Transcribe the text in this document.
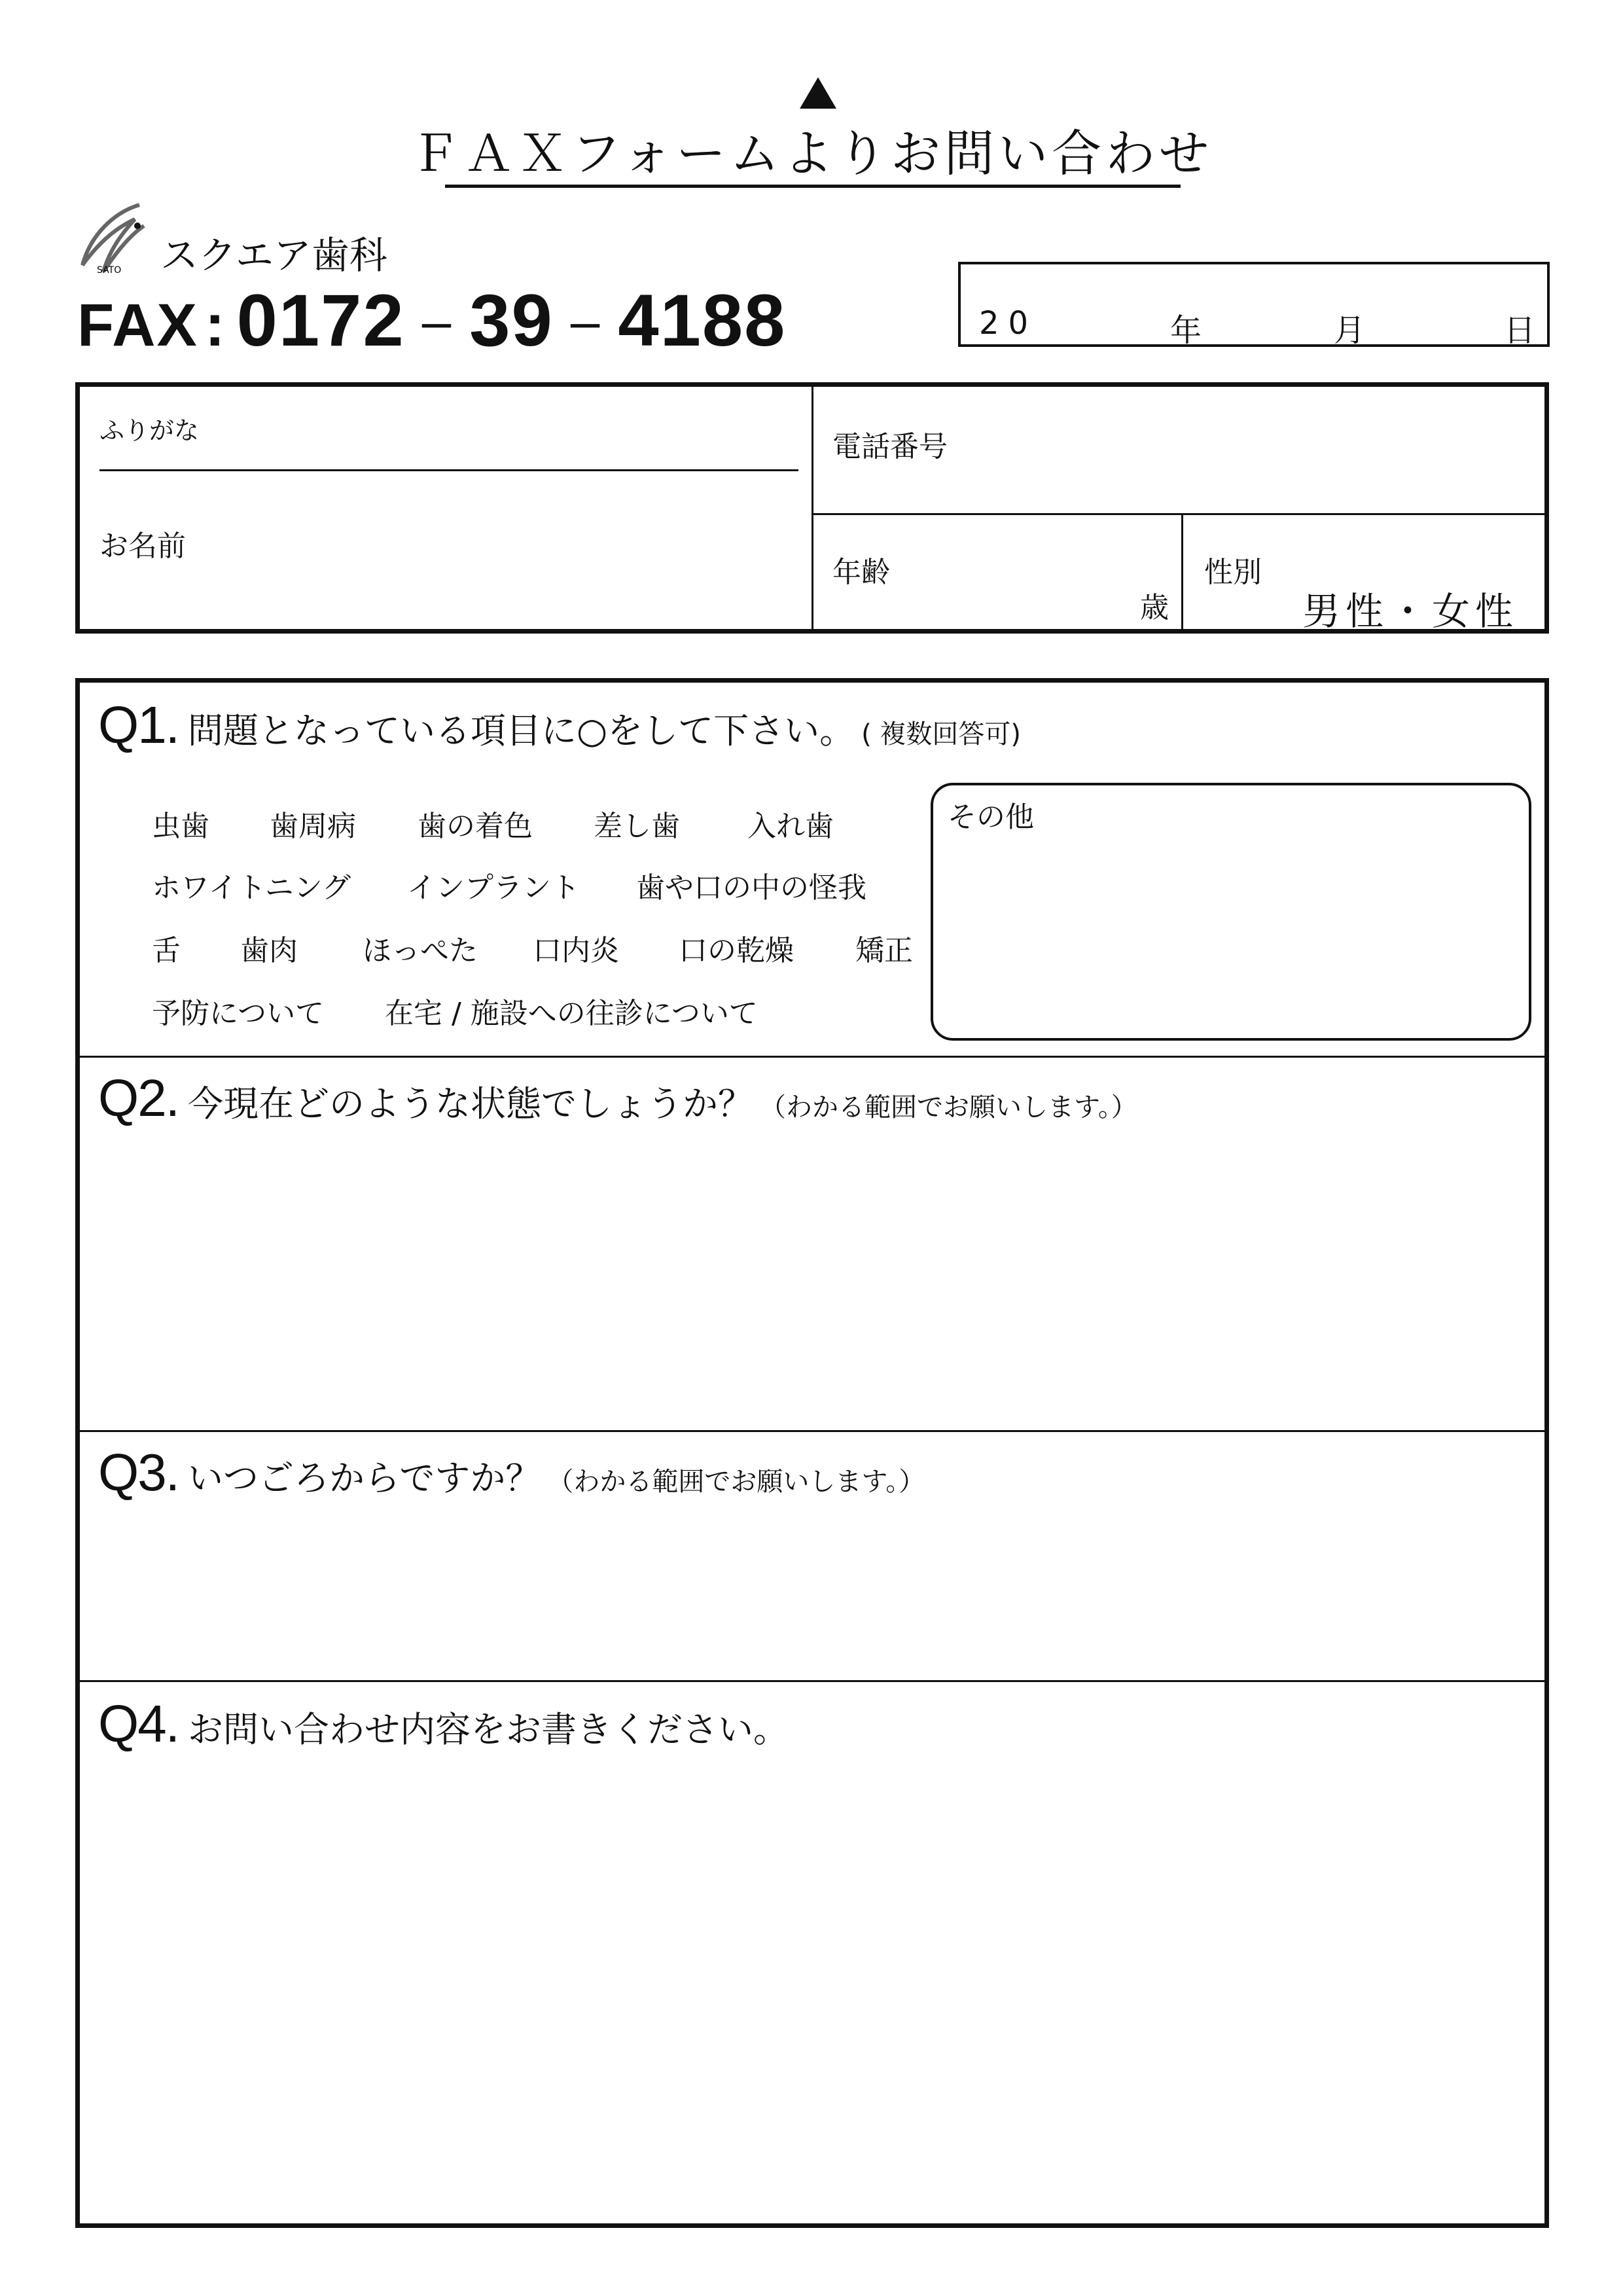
ＦＡＸフォームよりお問い合わせ
SATO スクエア歯科
FAX : 0172 – 39 – 4188	20	年	月	日
ふりがな
お名前
電話番号
年齢
歳
性別
男性・女性
Q1. 問題となっている項目に○をして下さい。 ( 複数回答可)
虫歯 歯周病 歯の着色 差し歯 入れ歯
ホワイトニング インプラント 歯や口の中の怪我
舌 歯肉 ほっぺた 口内炎 口の乾燥 矯正
予防について 在宅 / 施設への往診について
その他
Q2. 今現在どのような状態でしょうか？ （わかる範囲でお願いします。）
Q3. いつごろからですか？ （わかる範囲でお願いします。）
Q4. お問い合わせ内容をお書きください。
